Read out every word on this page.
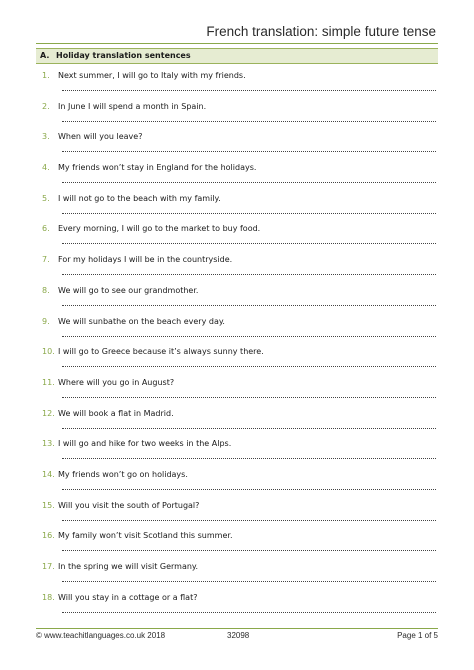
French translation: simple future tense
A. Holiday translation sentences
1.	Next summer, I will go to Italy with my friends.
2.	In June I will spend a month in Spain.
3.	When will you leave?
4.	My friends won’t stay in England for the holidays.
5.	I will not go to the beach with my family.
6.	Every morning, I will go to the market to buy food.
7.	For my holidays I will be in the countryside.
8.	We will go to see our grandmother.
9.	We will sunbathe on the beach every day.
10. I will go to Greece because it’s always sunny there.
11. Where will you go in August?
12. We will book a flat in Madrid.
13. I will go and hike for two weeks in the Alps.
14. My friends won’t go on holidays.
15. Will you visit the south of Portugal?
16. My family won’t visit Scotland this summer.
17. In the spring we will visit Germany.
18. Will you stay in a cottage or a flat?
© www.teachitlanguages.co.uk 2018	32098	Page 1 of 5
